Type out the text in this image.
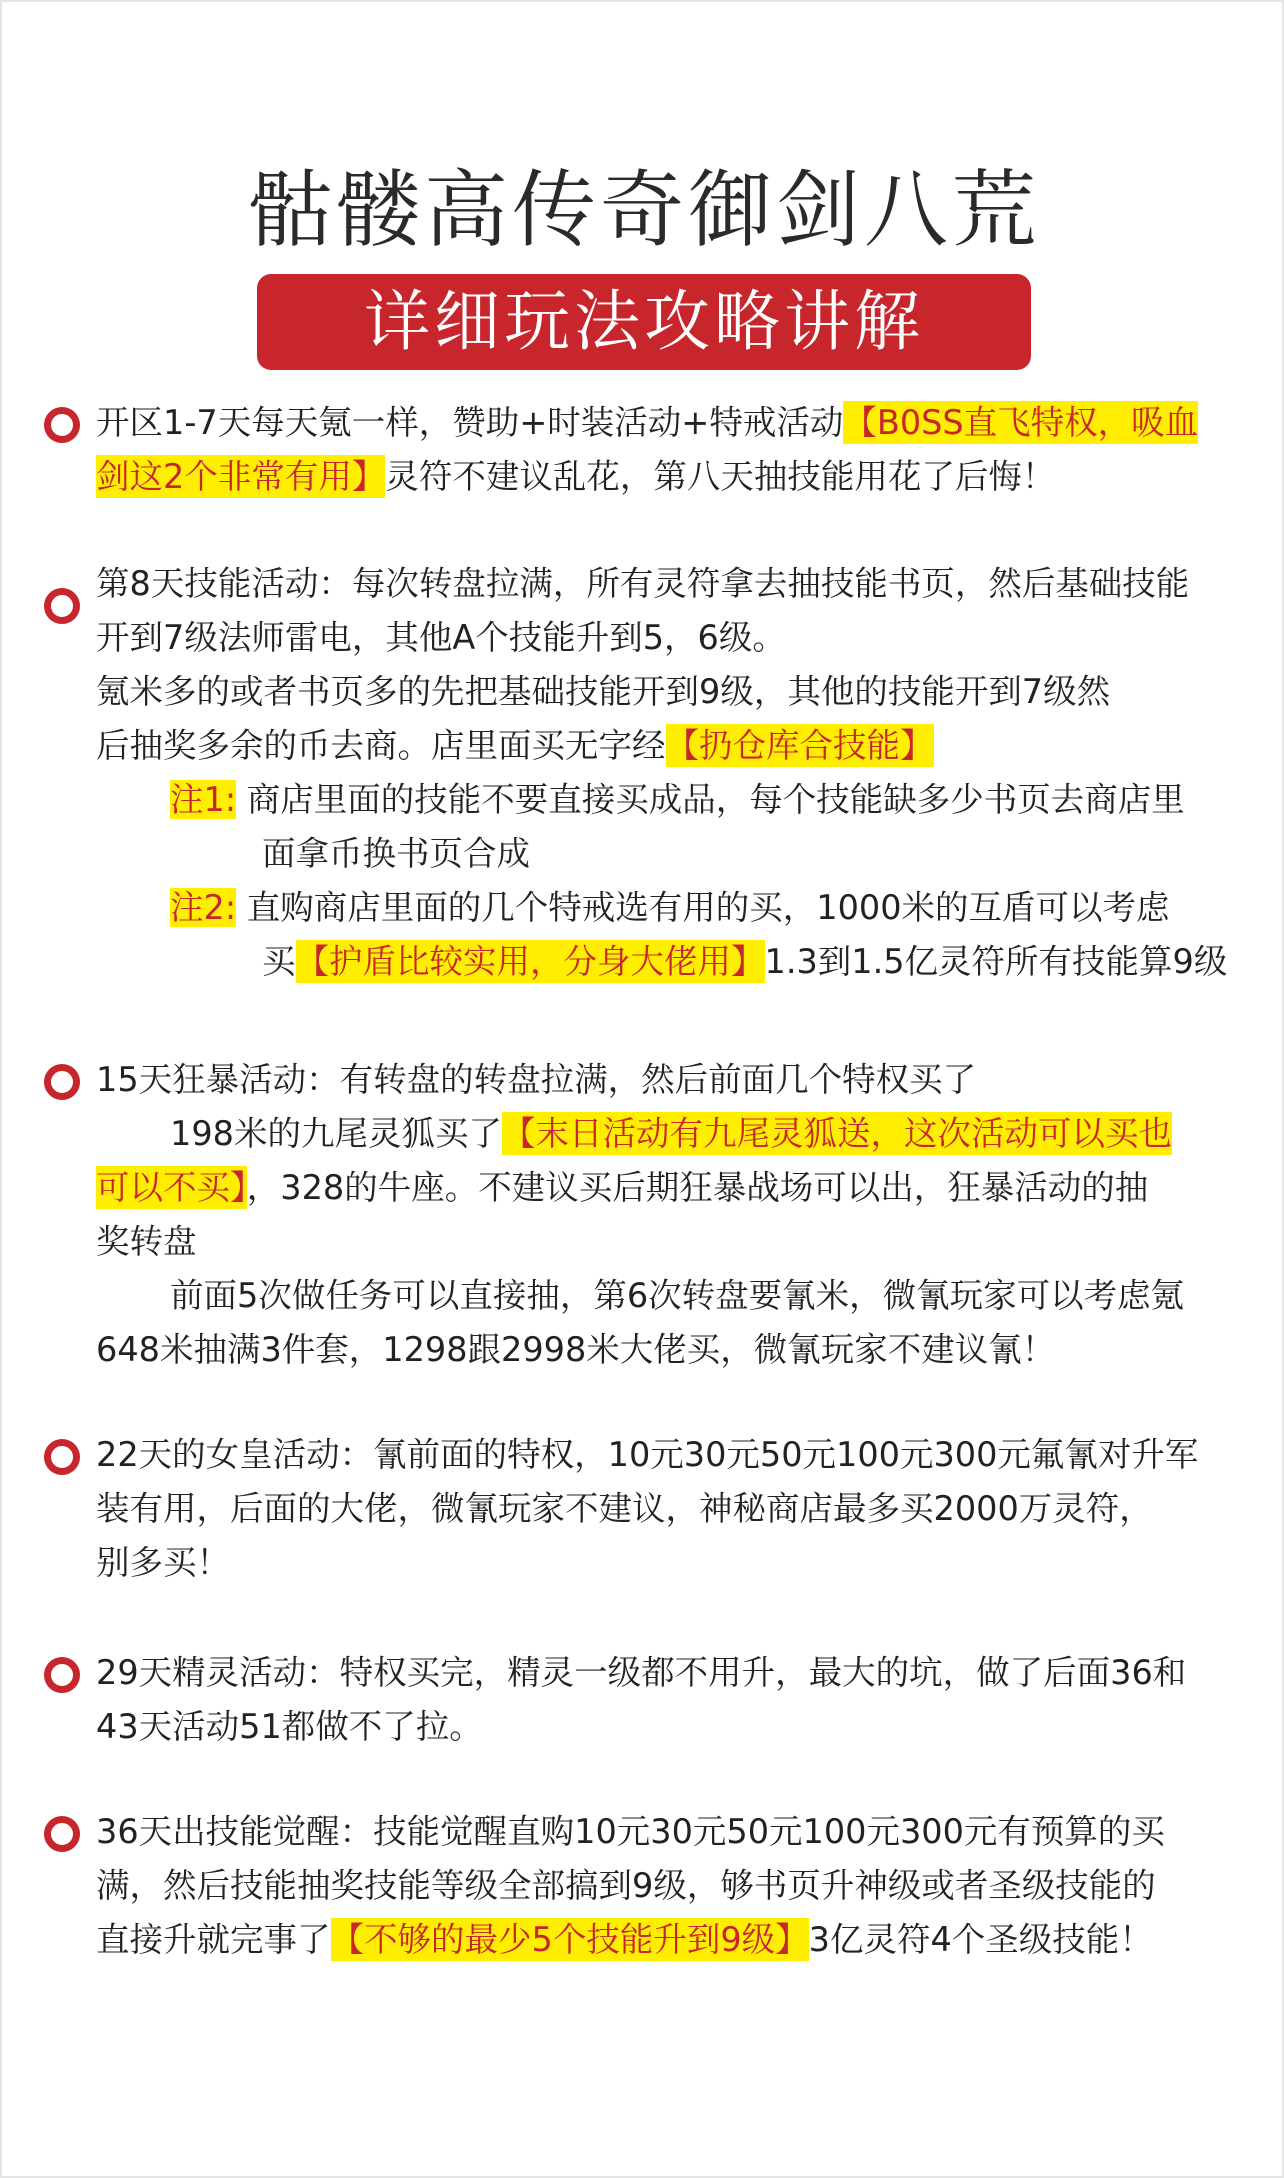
骷髅高传奇御剑八荒
详细玩法攻略讲解
开区1-7天每天氪一样，赞助+时装活动+特戒活动【B0SS直飞特权，吸血
剑这2个非常有用】灵符不建议乱花，第八天抽技能用花了后悔！
第8天技能活动：每次转盘拉满，所有灵符拿去抽技能书页，然后基础技能
开到7级法师雷电，其他A个技能升到5，6级。
氪米多的或者书页多的先把基础技能开到9级，其他的技能开到7级然
后抽奖多余的币去商。店里面买无字经【扔仓库合技能】
注1: 商店里面的技能不要直接买成品，每个技能缺多少书页去商店里
面拿币换书页合成
注2: 直购商店里面的几个特戒选有用的买，1000米的互盾可以考虑
买【护盾比较实用，分身大佬用】1.3到1.5亿灵符所有技能算9级
15天狂暴活动：有转盘的转盘拉满，然后前面几个特权买了
198米的九尾灵狐买了【末日活动有九尾灵狐送，这次活动可以买也
可以不买】，328的牛座。不建议买后期狂暴战场可以出，狂暴活动的抽
奖转盘
前面5次做任务可以直接抽，第6次转盘要氰米，微氰玩家可以考虑氪
648米抽满3件套，1298跟2998米大佬买，微氰玩家不建议氰！
22天的女皇活动：氰前面的特权，10元30元50元100元300元氟氰对升军
装有用，后面的大佬，微氰玩家不建议，神秘商店最多买2000万灵符，
别多买！
29天精灵活动：特权买完，精灵一级都不用升，最大的坑，做了后面36和
43天活动51都做不了拉。
36天出技能觉醒：技能觉醒直购10元30元50元100元300元有预算的买
满，然后技能抽奖技能等级全部搞到9级，够书页升神级或者圣级技能的
直接升就完事了【不够的最少5个技能升到9级】3亿灵符4个圣级技能！
